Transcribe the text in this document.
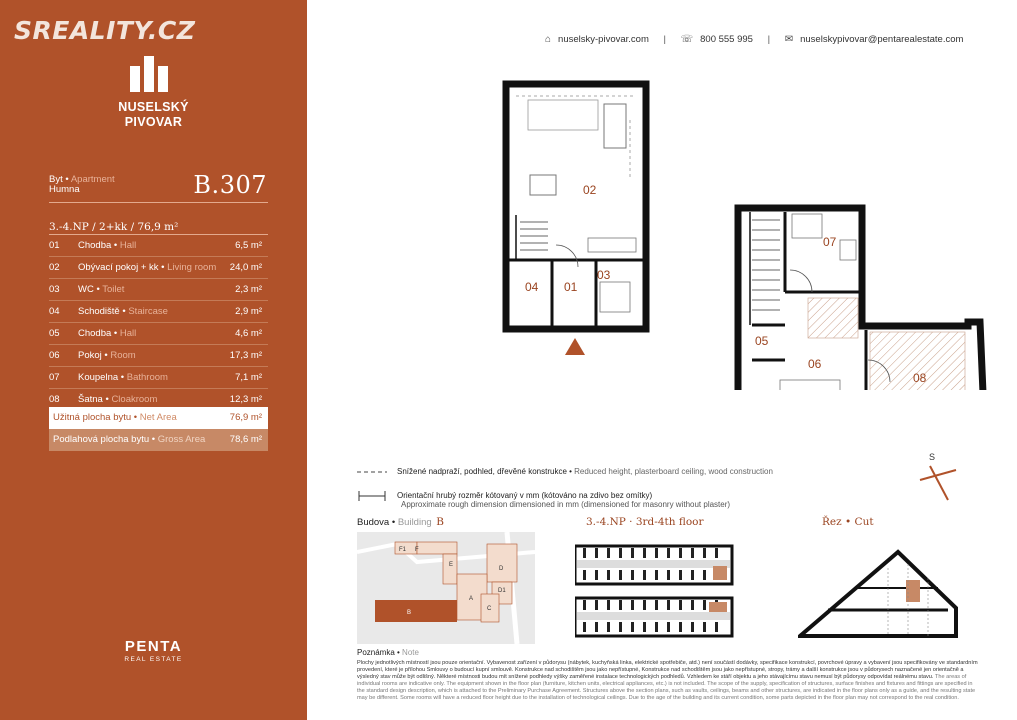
SREALITY.CZ
NUSELSKÝ
PIVOVAR
Byt • Apartment
Humna	B.307
3.-4.NP / 2+kk / 76,9 m²
01 Chodba • Hall	6,5 m²
02 Obývací pokoj + kk • Living room 24,0 m²
03 WC • Toilet	2,3 m²
04 Schodiště • Staircase	2,9 m²
05 Chodba • Hall	4,6 m²
06 Pokoj • Room	17,3 m²
07 Koupelna • Bathroom	7,1 m²
08 Šatna • Cloakroom	12,3 m²
Užitná plocha bytu • Net Area	76,9 m²
Podlahová plocha bytu • Gross Area	78,6 m²
PENTA
REAL ESTATE
⌂ nuselsky-pivovar.com | ☏ 800 555 995 | ✉ nuselskypivovar@pentarealestate.com
02
03
04 01
07
05
06
08
S
Snížené nadpraží, podhled, dřevěné konstrukce • Reduced height, plasterboard ceiling, wood construction
Orientační hrubý rozměr kótovaný v mm (kótováno na zdivo bez omítky)
Approximate rough dimension dimensioned in mm (dimensioned for masonry without plaster)
Budova • Building B
F1 F
E
D
D1
A
C
B
3.-4.NP · 3rd-4th floor	Řez • Cut
Poznámka • Note
Plochy jednotlivých místností jsou pouze orientační. Vybavenost zařízení v půdorysu (nábytek, kuchyňská linka, elektrické spotřebiče, atd.) není součástí dodávky, specifikace konstrukcí, povrchové úpravy a vybavení jsou specifikovány ve standardním provedení, které je přílohou Smlouvy o budoucí kupní smlouvě. Konstrukce nad schodištěm jsou jako nepřístupné, Konstrukce nad schodištěm jsou jako nepřístupné, stropy, trámy a další konstrukce jsou v půdorysech naznačené jen orientačně a výsledný stav může být odlišný. Některé místnosti budou mít snížené podhledy výšky zaměřené instalace technologických podhledů. Vzhledem ke stáří objektu a jeho stávajícímu stavu nemusí být půdorysy odpovídat reálnému stavu. The areas of individual rooms are indicative only. The equipment shown in the floor plan (furniture, kitchen units, electrical appliances, etc.) is not included. The scope of the supply, specification of structures, surface finishes and fixtures and fittings are specified in the standard design description, which is attached to the Preliminary Purchase Agreement. Structures above the section plans, such as vaults, ceilings, beams and other structures, are indicated in the floor plans only as a guide, and the resulting state may be different. Some rooms will have a reduced floor height due to the installation of technological ceilings. Due to the age of the building and its current condition, some parts depicted in the floor plan may not correspond to the real condition.
